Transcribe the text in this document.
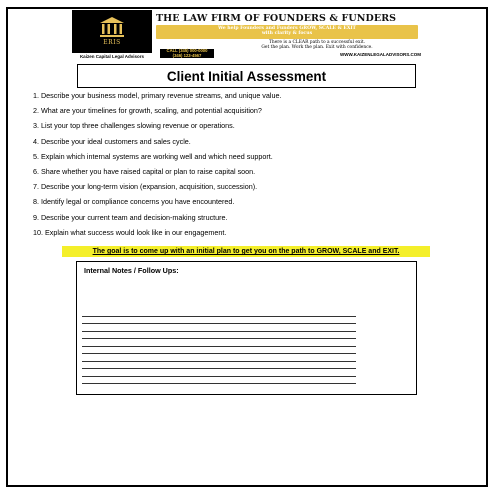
ERIS
Kaizen Capital Legal Advisors
THE LAW FIRM OF FOUNDERS & FUNDERS
We help Founders and Funders GROW, SCALE & EXIT
with clarity & focus
There is a CLEAR path to a successful exit.
Get the plan. Work the plan. Exit with confidence.
CALL (345) 000-0000
(346) 123-4567	WWW.KAIZENLEGALADVISORS.COM
Client Initial Assessment
1. Describe your business model, primary revenue streams, and unique value.
2. What are your timelines for growth, scaling, and potential acquisition?
3. List your top three challenges slowing revenue or operations.
4. Describe your ideal customers and sales cycle.
5. Explain which internal systems are working well and which need support.
6. Share whether you have raised capital or plan to raise capital soon.
7. Describe your long-term vision (expansion, acquisition, succession).
8. Identify legal or compliance concerns you have encountered.
9. Describe your current team and decision-making structure.
10. Explain what success would look like in our engagement.
The goal is to come up with an initial plan to get you on the path to GROW, SCALE and EXIT.
Internal Notes / Follow Ups:
